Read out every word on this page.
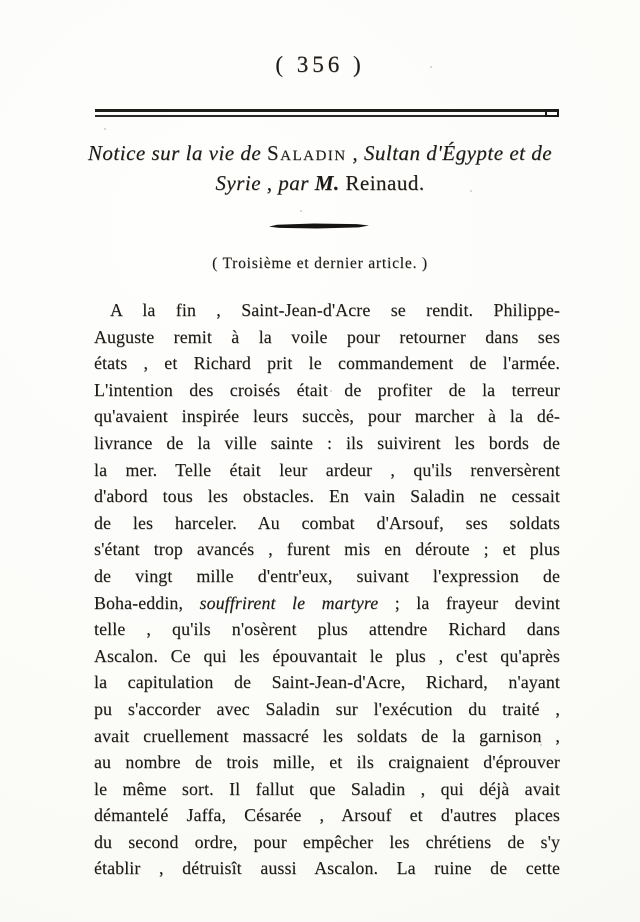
( 356 )
Notice sur la vie de Saladin , Sultan d'Égypte et de
Syrie , par M. Reinaud.
( Troisième et dernier article. )
A la fin , Saint-Jean-d'Acre se rendit. Philippe-
Auguste remit à la voile pour retourner dans ses
états , et Richard prit le commandement de l'armée.
L'intention des croisés était de profiter de la terreur
qu'avaient inspirée leurs succès, pour marcher à la dé-
livrance de la ville sainte : ils suivirent les bords de
la mer. Telle était leur ardeur , qu'ils renversèrent
d'abord tous les obstacles. En vain Saladin ne cessait
de les harceler. Au combat d'Arsouf, ses soldats
s'étant trop avancés , furent mis en déroute ; et plus
de vingt mille d'entr'eux, suivant l'expression de
Boha-eddin, souffrirent le martyre ; la frayeur devint
telle , qu'ils n'osèrent plus attendre Richard dans
Ascalon. Ce qui les épouvantait le plus , c'est qu'après
la capitulation de Saint-Jean-d'Acre, Richard, n'ayant
pu s'accorder avec Saladin sur l'exécution du traité ,
avait cruellement massacré les soldats de la garnison ,
au nombre de trois mille, et ils craignaient d'éprouver
le même sort. Il fallut que Saladin , qui déjà avait
démantelé Jaffa, Césarée , Arsouf et d'autres places
du second ordre, pour empêcher les chrétiens de s'y
établir , détruisît aussi Ascalon. La ruine de cette
